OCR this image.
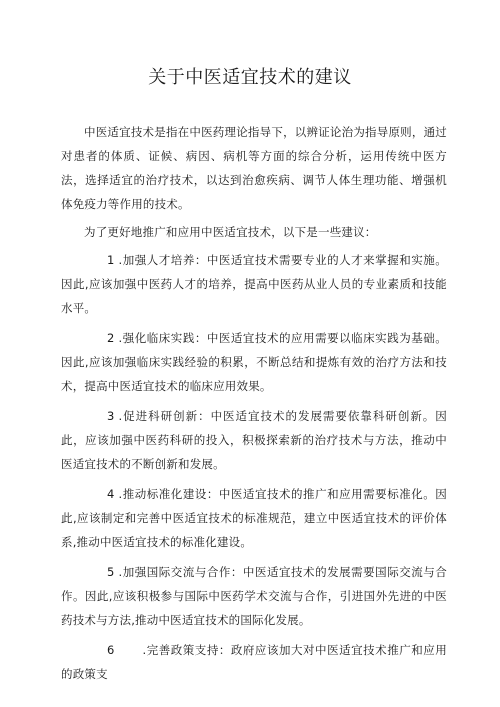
关于中医适宜技术的建议

中医适宜技术是指在中医药理论指导下，以辨证论治为指导原则，通过对患者的体质、证候、病因、病机等方面的综合分析，运用传统中医方法，选择适宜的治疗技术，以达到治愈疾病、调节人体生理功能、增强机体免疫力等作用的技术。

为了更好地推广和应用中医适宜技术，以下是一些建议：

1 .加强人才培养：中医适宜技术需要专业的人才来掌握和实施。因此,应该加强中医药人才的培养，提高中医药从业人员的专业素质和技能水平。

2 .强化临床实践：中医适宜技术的应用需要以临床实践为基础。因此,应该加强临床实践经验的积累，不断总结和提炼有效的治疗方法和技术，提高中医适宜技术的临床应用效果。

3 .促进科研创新：中医适宜技术的发展需要依靠科研创新。因此，应该加强中医药科研的投入，积极探索新的治疗技术与方法，推动中医适宜技术的不断创新和发展。

4 .推动标准化建设：中医适宜技术的推广和应用需要标准化。因此,应该制定和完善中医适宜技术的标准规范，建立中医适宜技术的评价体系,推动中医适宜技术的标准化建设。

5 .加强国际交流与合作：中医适宜技术的发展需要国际交流与合作。因此,应该积极参与国际中医药学术交流与合作，引进国外先进的中医药技术与方法,推动中医适宜技术的国际化发展。

6 .完善政策支持：政府应该加大对中医适宜技术推广和应用的政策支
